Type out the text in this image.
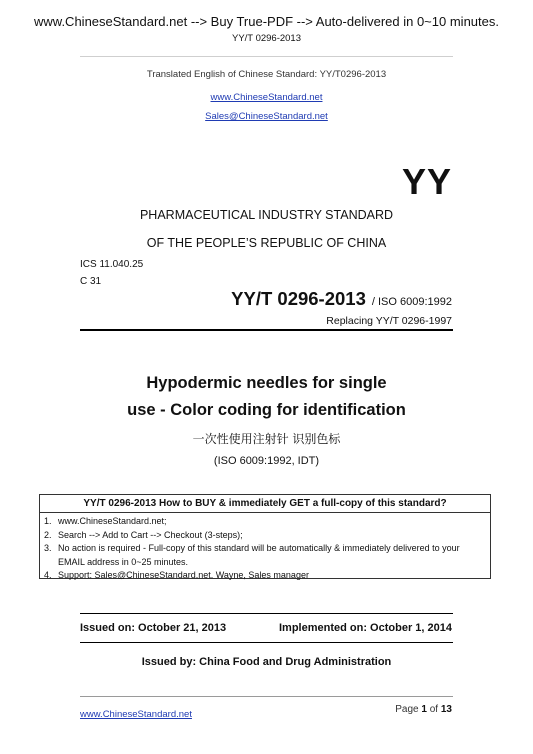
www.ChineseStandard.net --> Buy True-PDF --> Auto-delivered in 0~10 minutes.
YY/T 0296-2013
Translated English of Chinese Standard: YY/T0296-2013
www.ChineseStandard.net
Sales@ChineseStandard.net
YY
PHARMACEUTICAL INDUSTRY STANDARD
OF THE PEOPLE’S REPUBLIC OF CHINA
ICS 11.040.25
C 31
YY/T 0296-2013 / ISO 6009:1992
Replacing YY/T 0296-1997
Hypodermic needles for single
use - Color coding for identification
一次性使用注射针 识别色标
(ISO 6009:1992, IDT)
YY/T 0296-2013 How to BUY & immediately GET a full-copy of this standard?
1. www.ChineseStandard.net;
2. Search --> Add to Cart --> Checkout (3-steps);
3. No action is required - Full-copy of this standard will be automatically & immediately delivered to your EMAIL address in 0~25 minutes.
4. Support: Sales@ChineseStandard.net. Wayne, Sales manager
Issued on: October 21, 2013	Implemented on: October 1, 2014
Issued by: China Food and Drug Administration
www.ChineseStandard.net	Page 1 of 13
